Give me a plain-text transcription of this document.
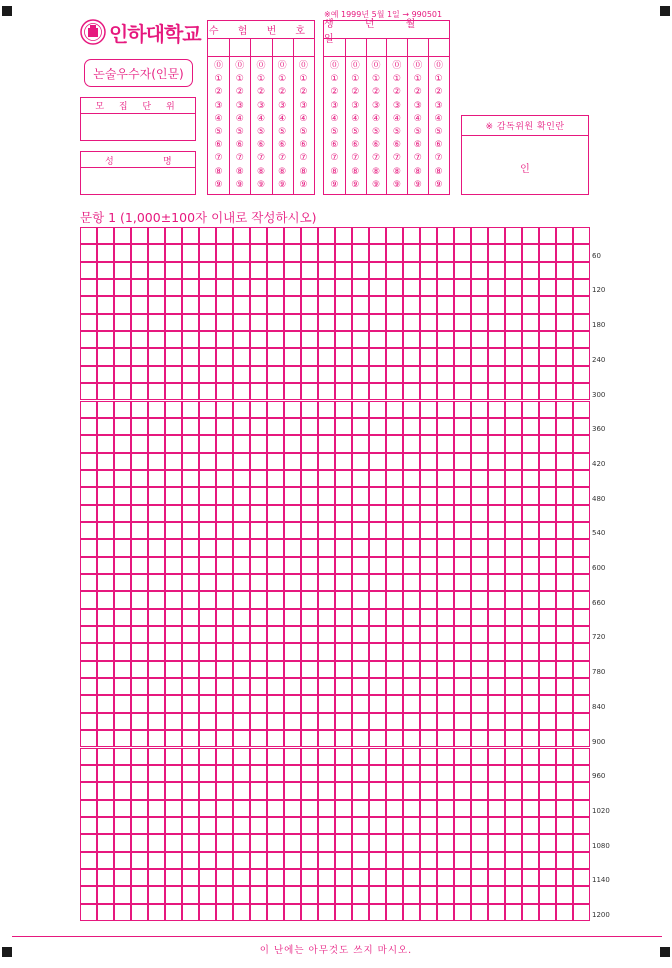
인하대학교
논술우수자(인문)
모 집 단 위
성	명
수 험 번 호
⓪
①
②
③
④
⑤
⑥
⑦
⑧
⑨
⓪
①
②
③
④
⑤
⑥
⑦
⑧
⑨
⓪
①
②
③
④
⑤
⑥
⑦
⑧
⑨
⓪
①
②
③
④
⑤
⑥
⑦
⑧
⑨
⓪
①
②
③
④
⑤
⑥
⑦
⑧
⑨
※예 1999년 5월 1일 → 990501
생 년 월 일
⓪
①
②
③
④
⑤
⑥
⑦
⑧
⑨
⓪
①
②
③
④
⑤
⑥
⑦
⑧
⑨
⓪
①
②
③
④
⑤
⑥
⑦
⑧
⑨
⓪
①
②
③
④
⑤
⑥
⑦
⑧
⑨
⓪
①
②
③
④
⑤
⑥
⑦
⑧
⑨
⓪
①
②
③
④
⑤
⑥
⑦
⑧
⑨
※ 감독위원 확인란
인
문항 1 (1,000±100자 이내로 작성하시오)
60
120
180
240
300
360
420
480
540
600
660
720
780
840
900
960
1020
1080
1140
1200
이 난에는 아무것도 쓰지 마시오.
